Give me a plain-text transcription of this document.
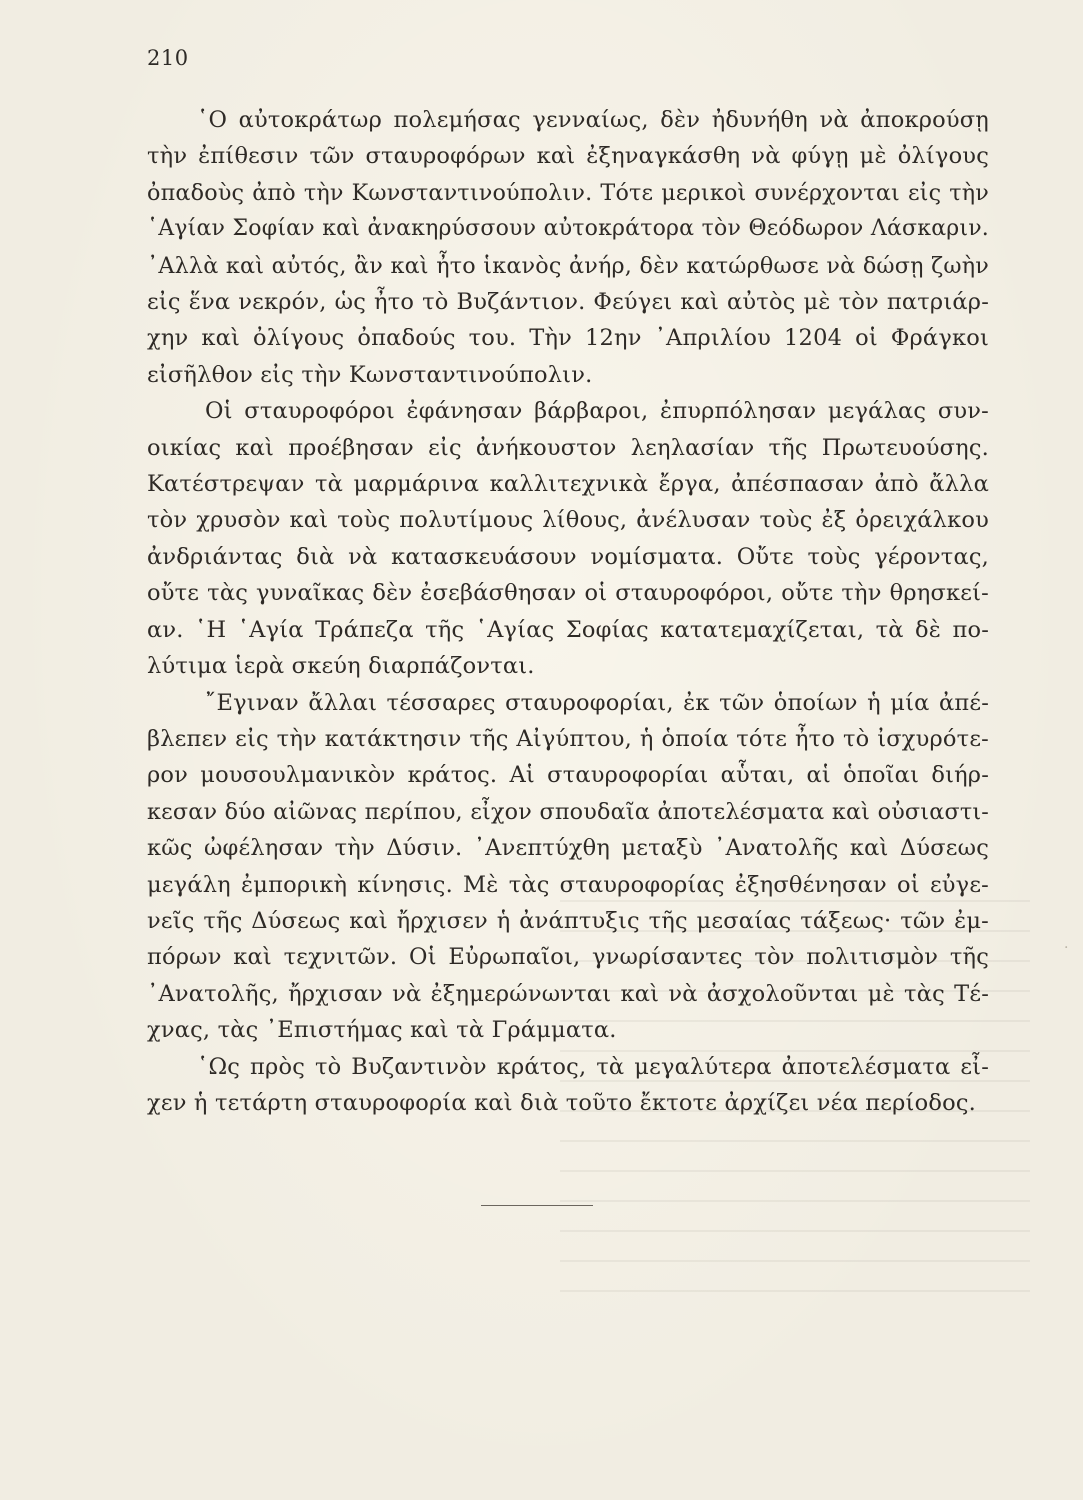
210

῾Ο αὐτοκράτωρ πολεμήσας γενναίως, δὲν ἠδυνήθη νὰ ἀποκρούσῃ
τὴν ἐπίθεσιν τῶν σταυροφόρων καὶ ἐξηναγκάσθη νὰ φύγῃ μὲ ὀλίγους
ὀπαδοὺς ἀπὸ τὴν Κωνσταντινούπολιν. Τότε μερικοὶ συνέρχονται εἰς τὴν
῾Αγίαν Σοφίαν καὶ ἀνακηρύσσουν αὐτοκράτορα τὸν Θεόδωρον Λάσκαριν.
᾿Αλλὰ καὶ αὐτός, ἂν καὶ ἦτο ἱκανὸς ἀνήρ, δὲν κατώρθωσε νὰ δώσῃ ζωὴν
εἰς ἕνα νεκρόν, ὡς ἦτο τὸ Βυζάντιον. Φεύγει καὶ αὐτὸς μὲ τὸν πατριάρ-
χην καὶ ὀλίγους ὀπαδούς του. Τὴν 12ην ᾿Απριλίου 1204 οἱ Φράγκοι
εἰσῆλθον εἰς τὴν Κωνσταντινούπολιν.

Οἱ σταυροφόροι ἐφάνησαν βάρβαροι, ἐπυρπόλησαν μεγάλας συν-
οικίας καὶ προέβησαν εἰς ἀνήκουστον λεηλασίαν τῆς Πρωτευούσης.
Κατέστρεψαν τὰ μαρμάρινα καλλιτεχνικὰ ἔργα, ἀπέσπασαν ἀπὸ ἄλλα
τὸν χρυσὸν καὶ τοὺς πολυτίμους λίθους, ἀνέλυσαν τοὺς ἐξ ὀρειχάλκου
ἀνδριάντας διὰ νὰ κατασκευάσουν νομίσματα. Οὔτε τοὺς γέροντας,
οὔτε τὰς γυναῖκας δὲν ἐσεβάσθησαν οἱ σταυροφόροι, οὔτε τὴν θρησκεί-
αν. ῾Η ῾Αγία Τράπεζα τῆς ῾Αγίας Σοφίας κατατεμαχίζεται, τὰ δὲ πο-
λύτιμα ἱερὰ σκεύη διαρπάζονται.

῎Εγιναν ἄλλαι τέσσαρες σταυροφορίαι, ἐκ τῶν ὁποίων ἡ μία ἀπέ-
βλεπεν εἰς τὴν κατάκτησιν τῆς Αἰγύπτου, ἡ ὁποία τότε ἦτο τὸ ἰσχυρότε-
ρον μουσουλμανικὸν κράτος. Αἱ σταυροφορίαι αὗται, αἱ ὁποῖαι διήρ-
κεσαν δύο αἰῶνας περίπου, εἶχον σπουδαῖα ἀποτελέσματα καὶ οὐσιαστι-
κῶς ὠφέλησαν τὴν Δύσιν. ᾿Ανεπτύχθη μεταξὺ ᾿Ανατολῆς καὶ Δύσεως
μεγάλη ἐμπορικὴ κίνησις. Μὲ τὰς σταυροφορίας ἐξησθένησαν οἱ εὐγε-
νεῖς τῆς Δύσεως καὶ ἤρχισεν ἡ ἀνάπτυξις τῆς μεσαίας τάξεως· τῶν ἐμ-
πόρων καὶ τεχνιτῶν. Οἱ Εὐρωπαῖοι, γνωρίσαντες τὸν πολιτισμὸν τῆς
᾿Ανατολῆς, ἤρχισαν νὰ ἐξημερώνωνται καὶ νὰ ἀσχολοῦνται μὲ τὰς Τέ-
χνας, τὰς ᾿Επιστήμας καὶ τὰ Γράμματα.

῾Ως πρὸς τὸ Βυζαντινὸν κράτος, τὰ μεγαλύτερα ἀποτελέσματα εἶ-
χεν ἡ τετάρτη σταυροφορία καὶ διὰ τοῦτο ἔκτοτε ἀρχίζει νέα περίοδος.

·
